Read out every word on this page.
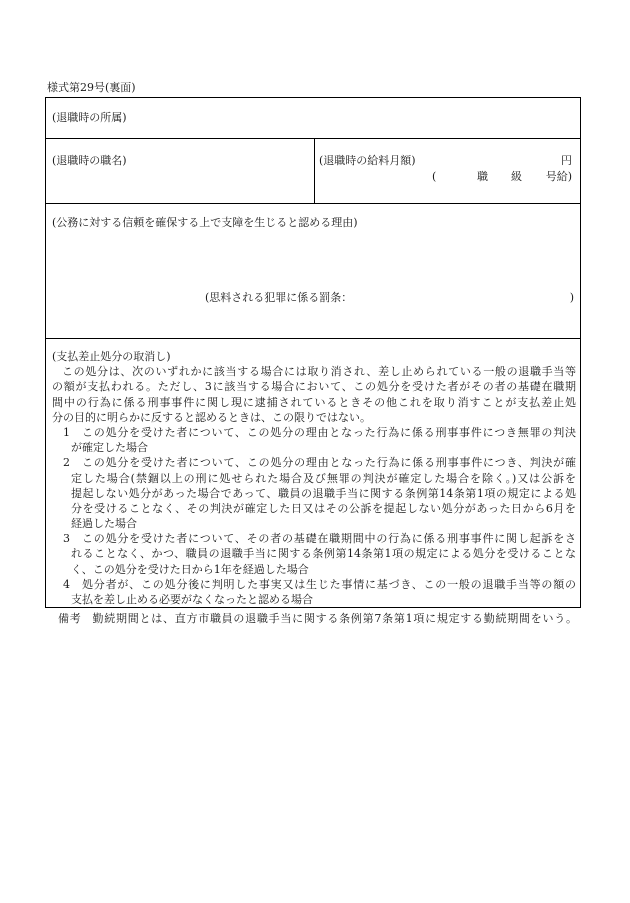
様式第29号(裏面)
(退職時の所属)
(退職時の職名)	(退職時の給料月額)	円
(	職 級 号給)
(公務に対する信頼を確保する上で支障を生じると認める理由)
(思料される犯罪に係る罰条：	)
(支払差止処分の取消し)
この処分は、次のいずれかに該当する場合には取り消され、差し止められている一般の退職手当等
の額が支払われる。ただし、3に該当する場合において、この処分を受けた者がその者の基礎在職期
間中の行為に係る刑事事件に関し現に逮捕されているときその他これを取り消すことが支払差止処
分の目的に明らかに反すると認めるときは、この限りではない。
1	この処分を受けた者について、この処分の理由となった行為に係る刑事事件につき無罪の判決
が確定した場合
2	この処分を受けた者について、この処分の理由となった行為に係る刑事事件につき、判決が確
定した場合(禁錮以上の刑に処せられた場合及び無罪の判決が確定した場合を除く。)又は公訴を
提起しない処分があった場合であって、職員の退職手当に関する条例第14条第1項の規定による処
分を受けることなく、その判決が確定した日又はその公訴を提起しない処分があった日から6月を
経過した場合
3	この処分を受けた者について、その者の基礎在職期間中の行為に係る刑事事件に関し起訴をさ
れることなく、かつ、職員の退職手当に関する条例第14条第1項の規定による処分を受けることな
く、この処分を受けた日から1年を経過した場合
4	処分者が、この処分後に判明した事実又は生じた事情に基づき、この一般の退職手当等の額の
支払を差し止める必要がなくなったと認める場合
備考 勤続期間とは、直方市職員の退職手当に関する条例第7条第1項に規定する勤続期間をいう。
